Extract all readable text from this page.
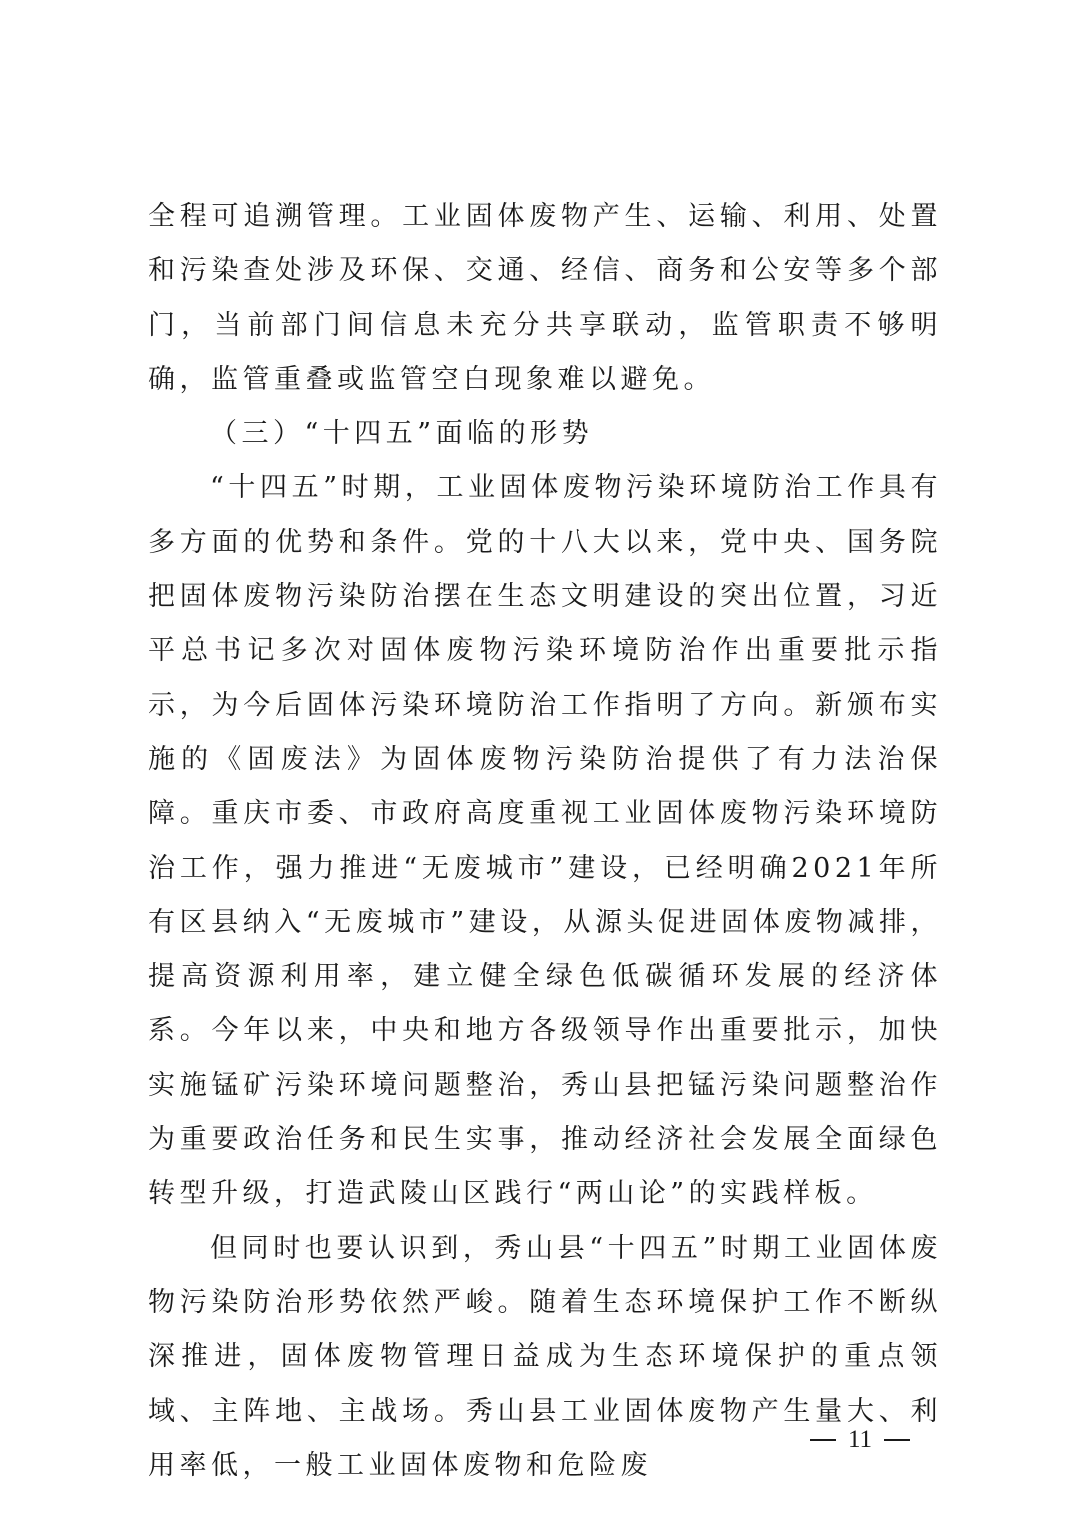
全程可追溯管理。工业固体废物产生、运输、利用、处置和污染查处涉及环保、交通、经信、商务和公安等多个部门，当前部门间信息未充分共享联动，监管职责不够明确，监管重叠或监管空白现象难以避免。

（三）“十四五”面临的形势

“十四五”时期，工业固体废物污染环境防治工作具有多方面的优势和条件。党的十八大以来，党中央、国务院把固体废物污染防治摆在生态文明建设的突出位置，习近平总书记多次对固体废物污染环境防治作出重要批示指示，为今后固体污染环境防治工作指明了方向。新颁布实施的《固废法》为固体废物污染防治提供了有力法治保障。重庆市委、市政府高度重视工业固体废物污染环境防治工作，强力推进“无废城市”建设，已经明确2021年所有区县纳入“无废城市”建设，从源头促进固体废物减排，提高资源利用率，建立健全绿色低碳循环发展的经济体系。今年以来，中央和地方各级领导作出重要批示，加快实施锰矿污染环境问题整治，秀山县把锰污染问题整治作为重要政治任务和民生实事，推动经济社会发展全面绿色转型升级，打造武陵山区践行“两山论”的实践样板。

但同时也要认识到，秀山县“十四五”时期工业固体废物污染防治形势依然严峻。随着生态环境保护工作不断纵深推进，固体废物管理日益成为生态环境保护的重点领域、主阵地、主战场。秀山县工业固体废物产生量大、利用率低，一般工业固体废物和危险废

11
